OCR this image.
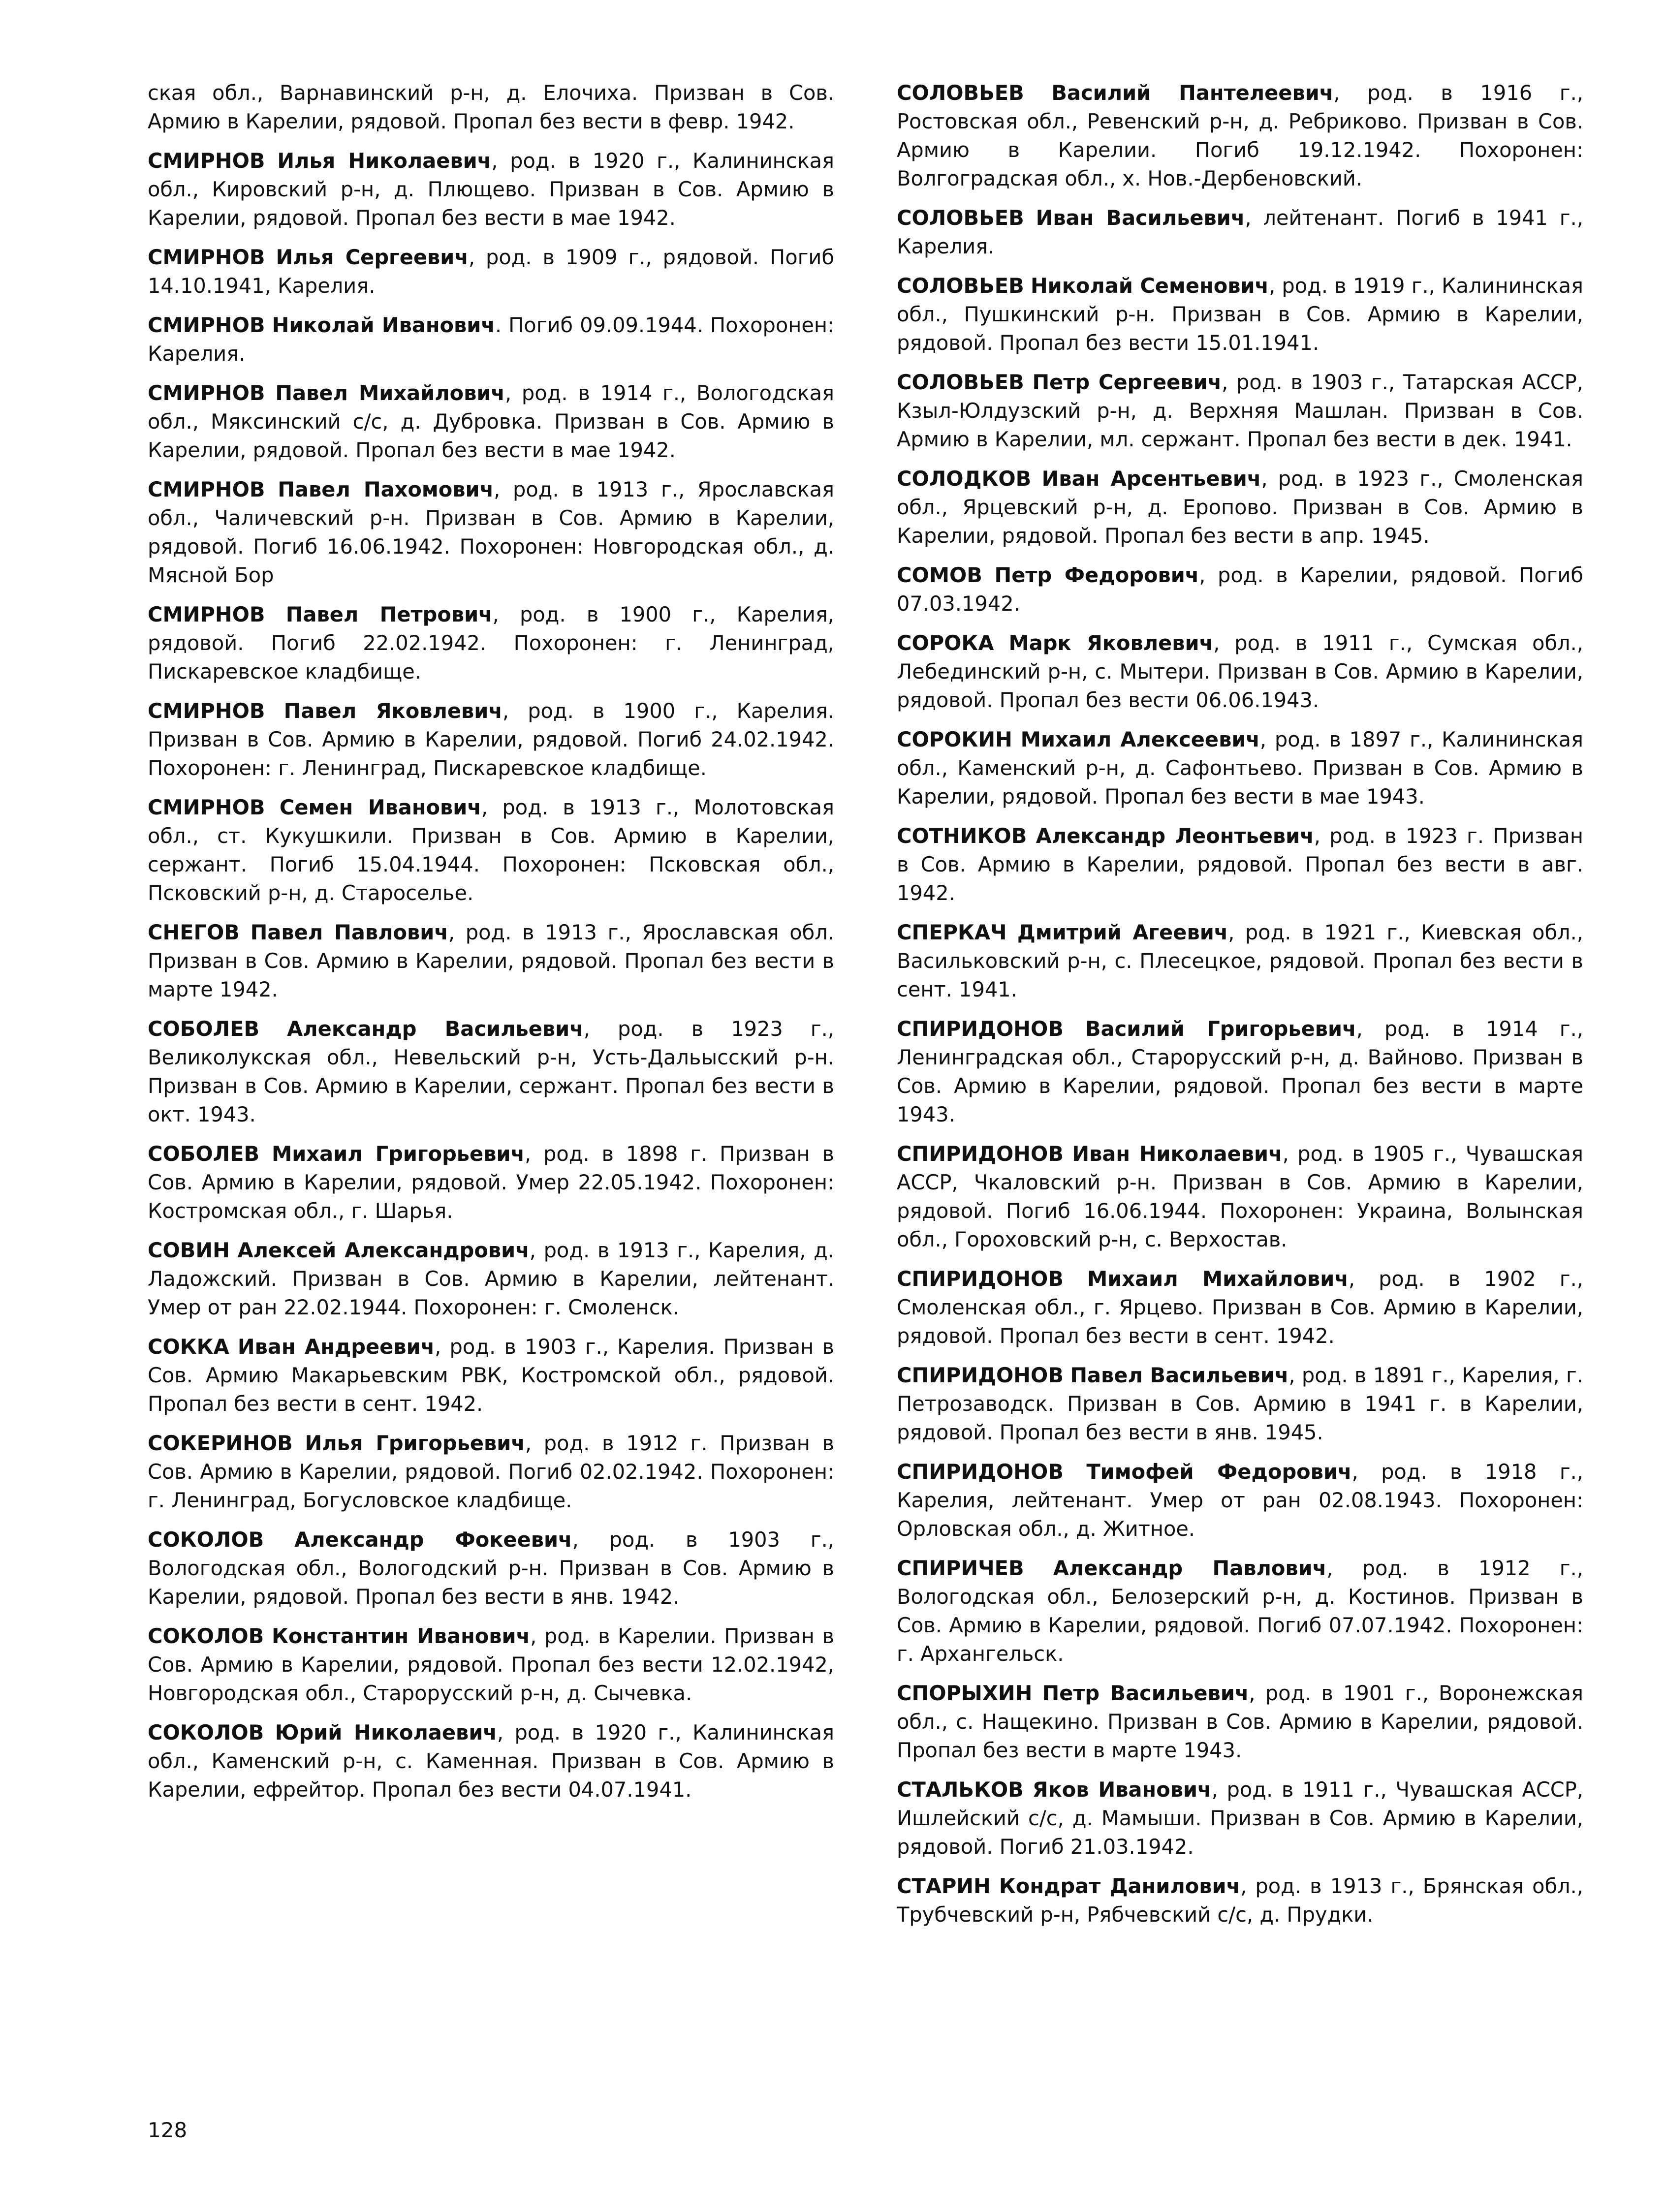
ская обл., Варнавинский р-н, д. Елочиха. Призван в Сов. Армию в Карелии, рядовой. Пропал без вести в февр. 1942.

СМИРНОВ Илья Николаевич, род. в 1920 г., Калининская обл., Кировский р-н, д. Плющево. Призван в Сов. Армию в Карелии, рядовой. Пропал без вести в мае 1942.

СМИРНОВ Илья Сергеевич, род. в 1909 г., рядовой. Погиб 14.10.1941, Карелия.

СМИРНОВ Николай Иванович. Погиб 09.09.1944. Похоронен: Карелия.

СМИРНОВ Павел Михайлович, род. в 1914 г., Вологодская обл., Мяксинский с/с, д. Дубровка. Призван в Сов. Армию в Карелии, рядовой. Пропал без вести в мае 1942.

СМИРНОВ Павел Пахомович, род. в 1913 г., Ярославская обл., Чаличевский р-н. Призван в Сов. Армию в Карелии, рядовой. Погиб 16.06.1942. Похоронен: Новгородская обл., д. Мясной Бор

СМИРНОВ Павел Петрович, род. в 1900 г., Карелия, рядовой. Погиб 22.02.1942. Похоронен: г. Ленинград, Пискаревское кладбище.

СМИРНОВ Павел Яковлевич, род. в 1900 г., Карелия. Призван в Сов. Армию в Карелии, рядовой. Погиб 24.02.1942. Похоронен: г. Ленинград, Пискаревское кладбище.

СМИРНОВ Семен Иванович, род. в 1913 г., Молотовская обл., ст. Кукушкили. Призван в Сов. Армию в Карелии, сержант. Погиб 15.04.1944. Похоронен: Псковская обл., Псковский р-н, д. Староселье.

СНЕГОВ Павел Павлович, род. в 1913 г., Ярославская обл. Призван в Сов. Армию в Карелии, рядовой. Пропал без вести в марте 1942.

СОБОЛЕВ Александр Васильевич, род. в 1923 г., Великолукская обл., Невельский р-н, Усть-Дальысский р-н. Призван в Сов. Армию в Карелии, сержант. Пропал без вести в окт. 1943.

СОБОЛЕВ Михаил Григорьевич, род. в 1898 г. Призван в Сов. Армию в Карелии, рядовой. Умер 22.05.1942. Похоронен: Костромская обл., г. Шарья.

СОВИН Алексей Александрович, род. в 1913 г., Карелия, д. Ладожский. Призван в Сов. Армию в Карелии, лейтенант. Умер от ран 22.02.1944. Похоронен: г. Смоленск.

СОККА Иван Андреевич, род. в 1903 г., Карелия. Призван в Сов. Армию Макарьевским РВК, Костромской обл., рядовой. Пропал без вести в сент. 1942.

СОКЕРИНОВ Илья Григорьевич, род. в 1912 г. Призван в Сов. Армию в Карелии, рядовой. Погиб 02.02.1942. Похоронен: г. Ленинград, Богусловское кладбище.

СОКОЛОВ Александр Фокеевич, род. в 1903 г., Вологодская обл., Вологодский р-н. Призван в Сов. Армию в Карелии, рядовой. Пропал без вести в янв. 1942.

СОКОЛОВ Константин Иванович, род. в Карелии. Призван в Сов. Армию в Карелии, рядовой. Пропал без вести 12.02.1942, Новгородская обл., Старорусский р-н, д. Сычевка.

СОКОЛОВ Юрий Николаевич, род. в 1920 г., Калининская обл., Каменский р-н, с. Каменная. Призван в Сов. Армию в Карелии, ефрейтор. Пропал без вести 04.07.1941.

СОЛОВЬЕВ Василий Пантелеевич, род. в 1916 г., Ростовская обл., Ревенский р-н, д. Ребриково. Призван в Сов. Армию в Карелии. Погиб 19.12.1942. Похоронен: Волгоградская обл., х. Нов.-Дербеновский.

СОЛОВЬЕВ Иван Васильевич, лейтенант. Погиб в 1941 г., Карелия.

СОЛОВЬЕВ Николай Семенович, род. в 1919 г., Калининская обл., Пушкинский р-н. Призван в Сов. Армию в Карелии, рядовой. Пропал без вести 15.01.1941.

СОЛОВЬЕВ Петр Сергеевич, род. в 1903 г., Татарская АССР, Кзыл-Юлдузский р-н, д. Верхняя Машлан. Призван в Сов. Армию в Карелии, мл. сержант. Пропал без вести в дек. 1941.

СОЛОДКОВ Иван Арсентьевич, род. в 1923 г., Смоленская обл., Ярцевский р-н, д. Еропово. Призван в Сов. Армию в Карелии, рядовой. Пропал без вести в апр. 1945.

СОМОВ Петр Федорович, род. в Карелии, рядовой. Погиб 07.03.1942.

СОРОКА Марк Яковлевич, род. в 1911 г., Сумская обл., Лебединский р-н, с. Мытери. Призван в Сов. Армию в Карелии, рядовой. Пропал без вести 06.06.1943.

СОРОКИН Михаил Алексеевич, род. в 1897 г., Калининская обл., Каменский р-н, д. Сафонтьево. Призван в Сов. Армию в Карелии, рядовой. Пропал без вести в мае 1943.

СОТНИКОВ Александр Леонтьевич, род. в 1923 г. Призван в Сов. Армию в Карелии, рядовой. Пропал без вести в авг. 1942.

СПЕРКАЧ Дмитрий Агеевич, род. в 1921 г., Киевская обл., Васильковский р-н, с. Плесецкое, рядовой. Пропал без вести в сент. 1941.

СПИРИДОНОВ Василий Григорьевич, род. в 1914 г., Ленинградская обл., Старорусский р-н, д. Вайново. Призван в Сов. Армию в Карелии, рядовой. Пропал без вести в марте 1943.

СПИРИДОНОВ Иван Николаевич, род. в 1905 г., Чувашская АССР, Чкаловский р-н. Призван в Сов. Армию в Карелии, рядовой. Погиб 16.06.1944. Похоронен: Украина, Волынская обл., Гороховский р-н, с. Верхостав.

СПИРИДОНОВ Михаил Михайлович, род. в 1902 г., Смоленская обл., г. Ярцево. Призван в Сов. Армию в Карелии, рядовой. Пропал без вести в сент. 1942.

СПИРИДОНОВ Павел Васильевич, род. в 1891 г., Карелия, г. Петрозаводск. Призван в Сов. Армию в 1941 г. в Карелии, рядовой. Пропал без вести в янв. 1945.

СПИРИДОНОВ Тимофей Федорович, род. в 1918 г., Карелия, лейтенант. Умер от ран 02.08.1943. Похоронен: Орловская обл., д. Житное.

СПИРИЧЕВ Александр Павлович, род. в 1912 г., Вологодская обл., Белозерский р-н, д. Костинов. Призван в Сов. Армию в Карелии, рядовой. Погиб 07.07.1942. Похоронен: г. Архангельск.

СПОРЫХИН Петр Васильевич, род. в 1901 г., Воронежская обл., с. Нащекино. Призван в Сов. Армию в Карелии, рядовой. Пропал без вести в марте 1943.

СТАЛЬКОВ Яков Иванович, род. в 1911 г., Чувашская АССР, Ишлейский с/с, д. Мамыши. Призван в Сов. Армию в Карелии, рядовой. Погиб 21.03.1942.

СТАРИН Кондрат Данилович, род. в 1913 г., Брянская обл., Трубчевский р-н, Рябчевский с/с, д. Прудки.

128
